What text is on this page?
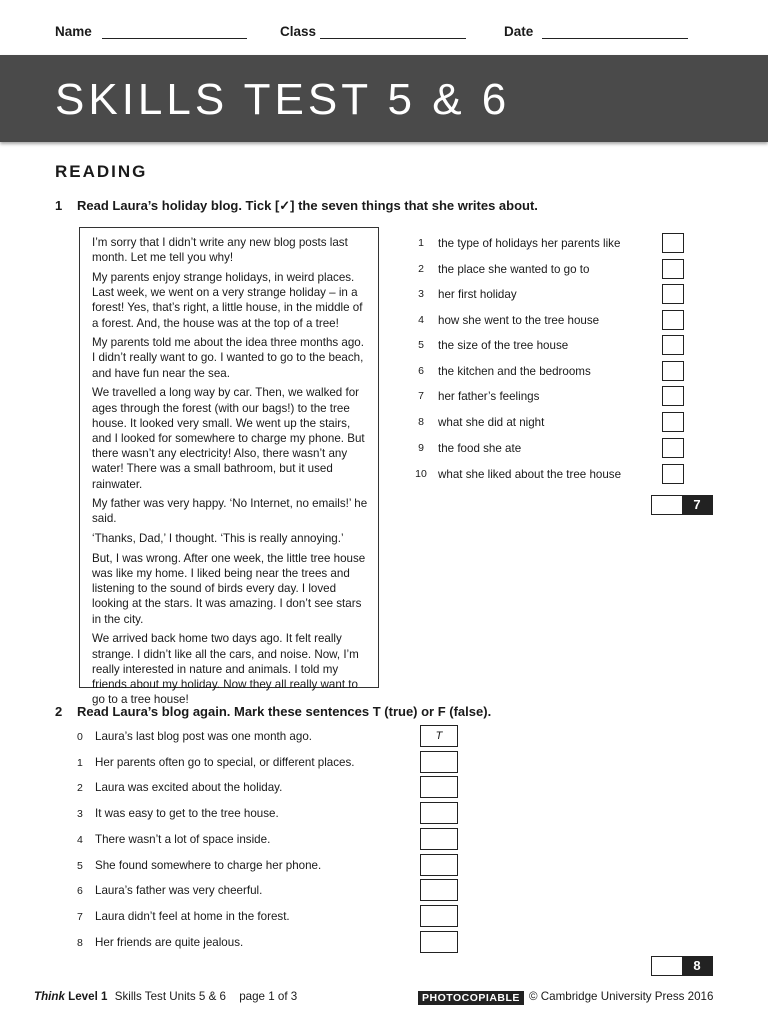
Name	Class	Date
SKILLS TEST 5 & 6
READING
1 Read Laura’s holiday blog. Tick [✓] the seven things that she writes about.

I’m sorry that I didn’t write any new blog posts last month. Let me tell you why!

My parents enjoy strange holidays, in weird places. Last week, we went on a very strange holiday – in a forest! Yes, that’s right, a little house, in the middle of a forest. And, the house was at the top of a tree!

My parents told me about the idea three months ago. I didn’t really want to go. I wanted to go to the beach, and have fun near the sea.

We travelled a long way by car. Then, we walked for ages through the forest (with our bags!) to the tree house. It looked very small. We went up the stairs, and I looked for somewhere to charge my phone. But there wasn’t any electricity! Also, there wasn’t any water! There was a small bathroom, but it used rainwater.

My father was very happy. ‘No Internet, no emails!’ he said.

‘Thanks, Dad,’ I thought. ‘This is really annoying.’

But, I was wrong. After one week, the little tree house was like my home. I liked being near the trees and listening to the sound of birds every day. I loved looking at the stars. It was amazing. I don’t see stars in the city.

We arrived back home two days ago. It felt really strange. I didn’t like all the cars, and noise. Now, I’m really interested in nature and animals. I told my friends about my holiday. Now they all really want to go to a tree house!

1 the type of holidays her parents like
2 the place she wanted to go to
3 her first holiday
4 how she went to the tree house
5 the size of the tree house
6 the kitchen and the bedrooms
7 her father’s feelings
8 what she did at night
9 the food she ate
10 what she liked about the tree house
7
2 Read Laura’s blog again. Mark these sentences T (true) or F (false).
0 Laura’s last blog post was one month ago.	T
1 Her parents often go to special, or different places.
2 Laura was excited about the holiday.
3 It was easy to get to the tree house.
4 There wasn’t a lot of space inside.
5 She found somewhere to charge her phone.
6 Laura’s father was very cheerful.
7 Laura didn’t feel at home in the forest.
8 Her friends are quite jealous.
8
Think Level 1 Skills Test Units 5 & 6 page 1 of 3	PHOTOCOPIABLE © Cambridge University Press 2016
